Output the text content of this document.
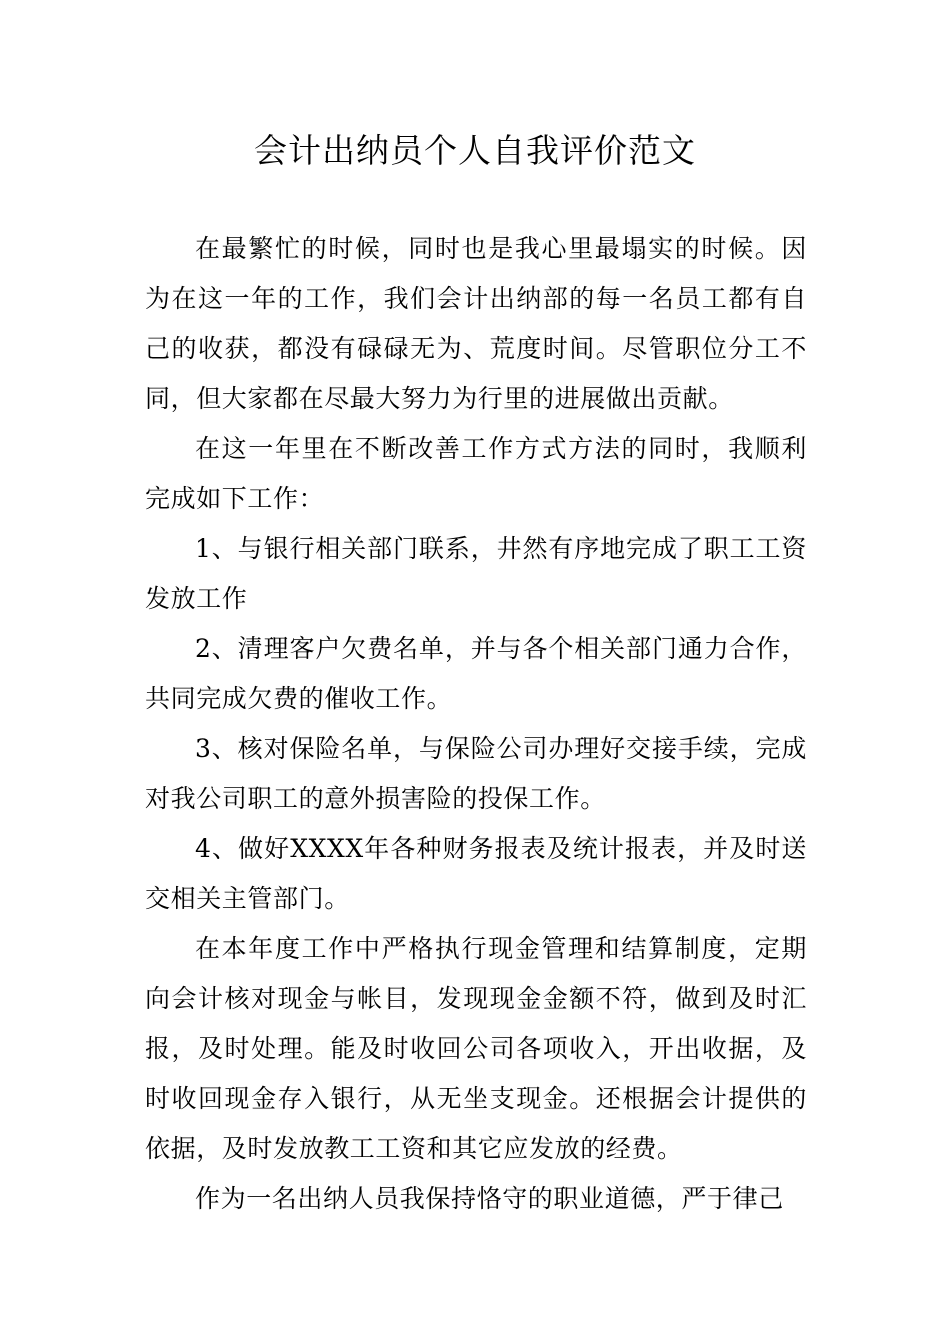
会计出纳员个人自我评价范文

在最繁忙的时候，同时也是我心里最塌实的时候。因为在这一年的工作，我们会计出纳部的每一名员工都有自己的收获，都没有碌碌无为、荒度时间。尽管职位分工不同，但大家都在尽最大努力为行里的进展做出贡献。

在这一年里在不断改善工作方式方法的同时，我顺利完成如下工作：

1、与银行相关部门联系，井然有序地完成了职工工资发放工作

2、清理客户欠费名单，并与各个相关部门通力合作，共同完成欠费的催收工作。

3、核对保险名单，与保险公司办理好交接手续，完成对我公司职工的意外损害险的投保工作。

4、做好XXXX年各种财务报表及统计报表，并及时送交相关主管部门。

在本年度工作中严格执行现金管理和结算制度，定期向会计核对现金与帐目，发现现金金额不符，做到及时汇报，及时处理。能及时收回公司各项收入，开出收据，及时收回现金存入银行，从无坐支现金。还根据会计提供的依据，及时发放教工工资和其它应发放的经费。

作为一名出纳人员我保持恪守的职业道德，严于律己
